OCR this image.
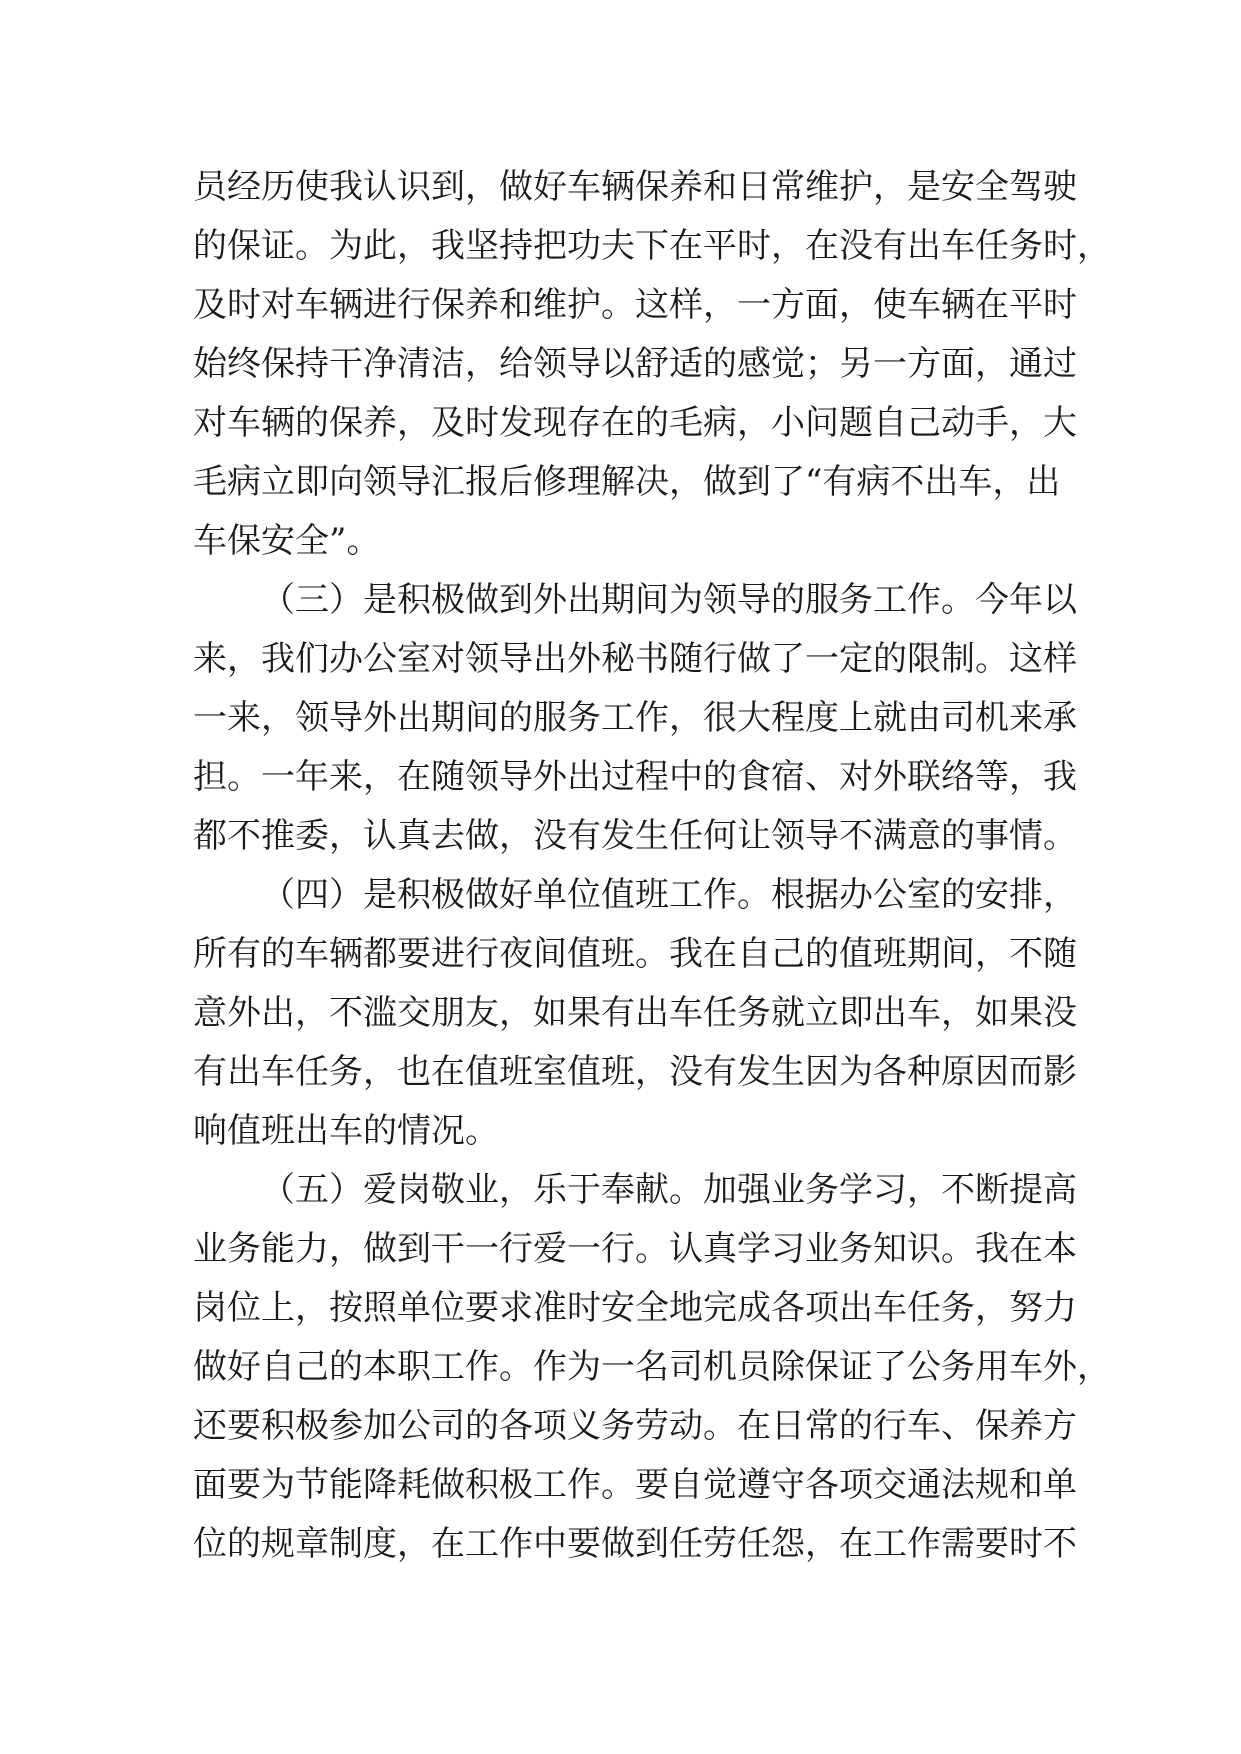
员经历使我认识到，做好车辆保养和日常维护，是安全驾驶
的保证。为此，我坚持把功夫下在平时，在没有出车任务时，
及时对车辆进行保养和维护。这样，一方面，使车辆在平时
始终保持干净清洁，给领导以舒适的感觉；另一方面，通过
对车辆的保养，及时发现存在的毛病，小问题自己动手，大
毛病立即向领导汇报后修理解决，做到了“有病不出车，出
车保安全”。
（三）是积极做到外出期间为领导的服务工作。今年以
来，我们办公室对领导出外秘书随行做了一定的限制。这样
一来，领导外出期间的服务工作，很大程度上就由司机来承
担。一年来，在随领导外出过程中的食宿、对外联络等，我
都不推委，认真去做，没有发生任何让领导不满意的事情。
（四）是积极做好单位值班工作。根据办公室的安排，
所有的车辆都要进行夜间值班。我在自己的值班期间，不随
意外出，不滥交朋友，如果有出车任务就立即出车，如果没
有出车任务，也在值班室值班，没有发生因为各种原因而影
响值班出车的情况。
（五）爱岗敬业，乐于奉献。加强业务学习，不断提高
业务能力，做到干一行爱一行。认真学习业务知识。我在本
岗位上，按照单位要求准时安全地完成各项出车任务，努力
做好自己的本职工作。作为一名司机员除保证了公务用车外，
还要积极参加公司的各项义务劳动。在日常的行车、保养方
面要为节能降耗做积极工作。要自觉遵守各项交通法规和单
位的规章制度，在工作中要做到任劳任怨，在工作需要时不
